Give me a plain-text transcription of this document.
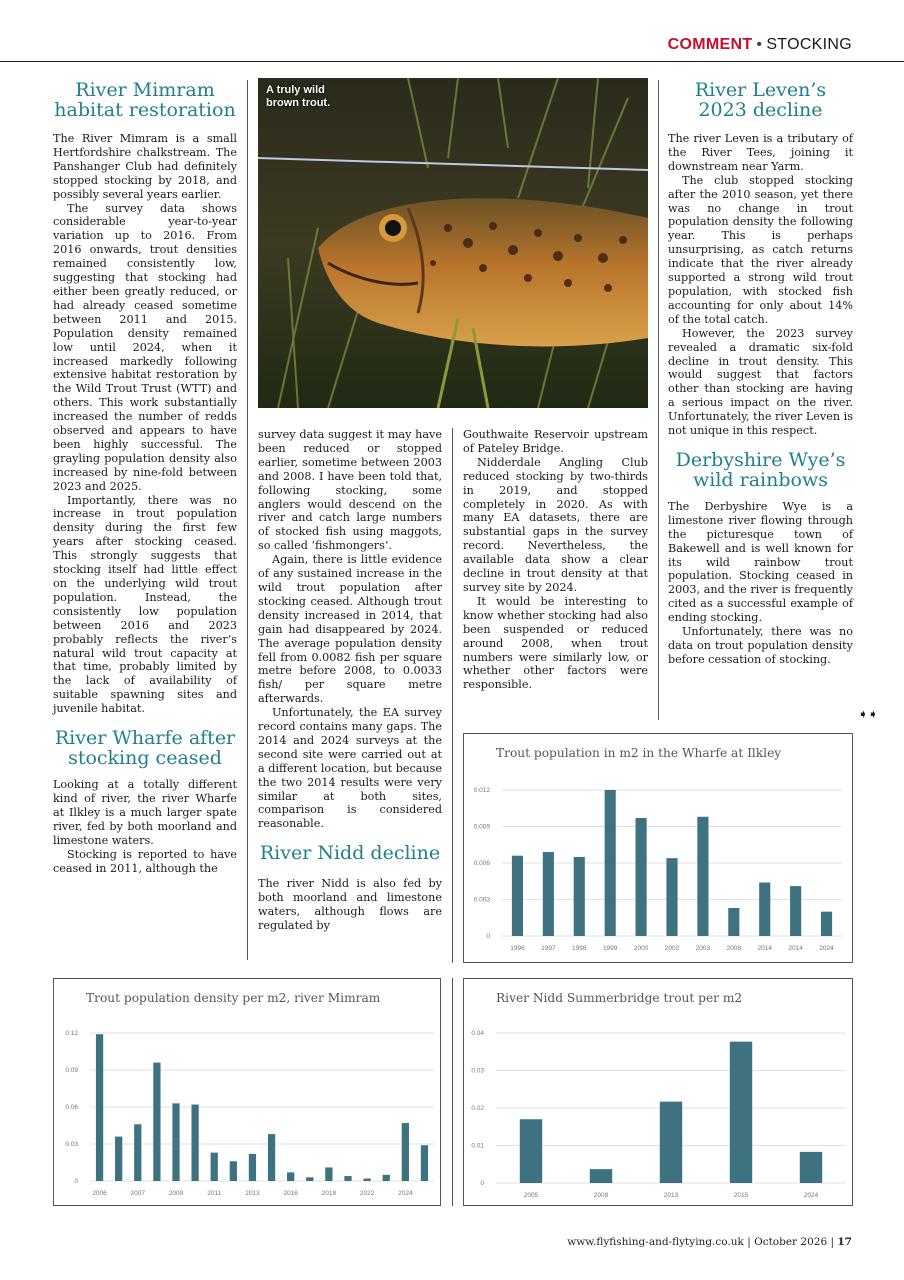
COMMENT • STOCKING
River Mimram habitat restoration

The River Mimram is a small Hertfordshire chalkstream. The Panshanger Club had definitely stopped stocking by 2018, and possibly several years earlier.

The survey data shows considerable year-to-year variation up to 2016. From 2016 onwards, trout densities remained consistently low, suggesting that stocking had either been greatly reduced, or had already ceased sometime between 2011 and 2015. Population density remained low until 2024, when it increased markedly following extensive habitat restoration by the Wild Trout Trust (WTT) and others. This work substantially increased the number of redds observed and appears to have been highly successful. The grayling population density also increased by nine-fold between 2023 and 2025.

Importantly, there was no increase in trout population density during the first few years after stocking ceased. This strongly suggests that stocking itself had little effect on the underlying wild trout population. Instead, the consistently low population between 2016 and 2023 probably reflects the river’s natural wild trout capacity at that time, probably limited by the lack of availability of suitable spawning sites and juvenile habitat.

River Wharfe after stocking ceased

Looking at a totally different kind of river, the river Wharfe at Ilkley is a much larger spate river, fed by both moorland and limestone waters.

Stocking is reported to have ceased in 2011, although the

A truly wild
brown trout.

survey data suggest it may have been reduced or stopped earlier, sometime between 2003 and 2008. I have been told that, following stocking, some anglers would descend on the river and catch large numbers of stocked fish using maggots, so called ‘fishmongers’.

Again, there is little evidence of any sustained increase in the wild trout population after stocking ceased. Although trout density increased in 2014, that gain had disappeared by 2024. The average population density fell from 0.0082 fish per square metre before 2008, to 0.0033 fish/ per square metre afterwards.

Unfortunately, the EA survey record contains many gaps. The 2014 and 2024 surveys at the second site were carried out at a different location, but because the two 2014 results were very similar at both sites, comparison is considered reasonable.

River Nidd decline

The river Nidd is also fed by both moorland and limestone waters, although flows are regulated by

Gouthwaite Reservoir upstream of Pateley Bridge.

Nidderdale Angling Club reduced stocking by two-thirds in 2019, and stopped completely in 2020. As with many EA datasets, there are substantial gaps in the survey record. Nevertheless, the available data show a clear decline in trout density at that survey site by 2024.

It would be interesting to know whether stocking had also been suspended or reduced around 2008, when trout numbers were similarly low, or whether other factors were responsible.

River Leven’s 2023 decline

The river Leven is a tributary of the River Tees, joining it downstream near Yarm.

The club stopped stocking after the 2010 season, yet there was no change in trout population density the following year. This is perhaps unsurprising, as catch returns indicate that the river already supported a strong wild trout population, with stocked fish accounting for only about 14% of the total catch.

However, the 2023 survey revealed a dramatic six-fold decline in trout density. This would suggest that factors other than stocking are having a serious impact on the river. Unfortunately, the river Leven is not unique in this respect.

Derbyshire Wye’s wild rainbows

The Derbyshire Wye is a limestone river flowing through the picturesque town of Bakewell and is well known for its wild rainbow trout population. Stocking ceased in 2003, and the river is frequently cited as a successful example of ending stocking.

Unfortunately, there was no data on trout population density before cessation of stocking.

➧➧
Trout population in m2 in the Wharfe at Ilkley
0
0.003
0.006
0.009
0.012
1996	1997	1998	1999	2000	2002	2003	2008	2014	2014	2024
Trout population density per m2, river Mimram
0
0.03
0.06
0.09
0.12
2006	2007	2009	2011	2013	2016	2018	2022	2024
River Nidd Summerbridge trout per m2
0
0.01
0.02
0.03
0.04
2005	2008	2013	2015	2024
www.flyfishing-and-flytying.co.uk | October 2026 | 17
